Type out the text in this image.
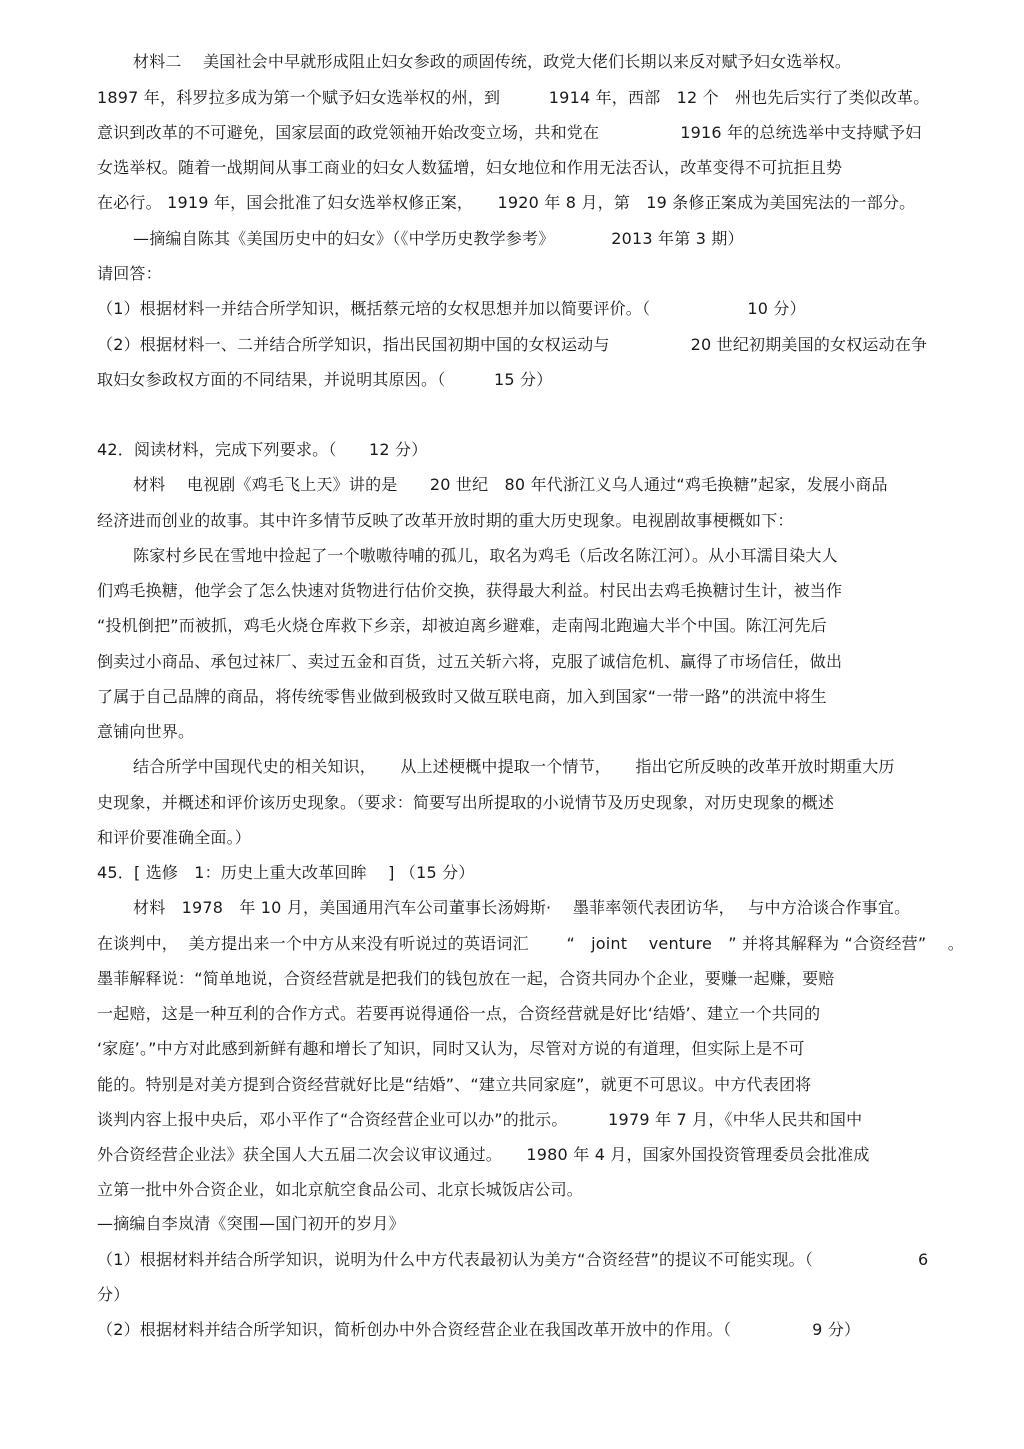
材料二　 美国社会中早就形成阻止妇女参政的顽固传统，政党大佬们长期以来反对赋予妇女选举权。
1897 年，科罗拉多成为第一个赋予妇女选举权的州，到　　　1914 年，西部　12 个　州也先后实行了类似改革。
意识到改革的不可避免，国家层面的政党领袖开始改变立场，共和党在　　　　　1916 年的总统选举中支持赋予妇
女选举权。随着一战期间从事工商业的妇女人数猛增，妇女地位和作用无法否认，改革变得不可抗拒且势
在必行。 1919 年，国会批准了妇女选举权修正案，　　1920 年 8 月，第　19 条修正案成为美国宪法的一部分。
—摘编自陈其《美国历史中的妇女》（《中学历史教学参考》　　　　2013 年第 3 期）
请回答：
（1）根据材料一并结合所学知识，概括蔡元培的女权思想并加以简要评价。（　　　　　　10 分）
（2）根据材料一、二并结合所学知识，指出民国初期中国的女权运动与　　　　　20 世纪初期美国的女权运动在争
取妇女参政权方面的不同结果，并说明其原因。（　　　15 分）
42．阅读材料，完成下列要求。（　　12 分）
材料　 电视剧《鸡毛飞上天》讲的是　　20 世纪　80 年代浙江义乌人通过“鸡毛换糖”起家，发展小商品
经济进而创业的故事。其中许多情节反映了改革开放时期的重大历史现象。电视剧故事梗概如下：
陈家村乡民在雪地中捡起了一个嗷嗷待哺的孤儿，取名为鸡毛（后改名陈江河）。从小耳濡目染大人
们鸡毛换糖，他学会了怎么快速对货物进行估价交换，获得最大利益。村民出去鸡毛换糖讨生计，被当作
“投机倒把”而被抓，鸡毛火烧仓库救下乡亲，却被迫离乡避难，走南闯北跑遍大半个中国。陈江河先后
倒卖过小商品、承包过袜厂、卖过五金和百货，过五关斩六将，克服了诚信危机、赢得了市场信任，做出
了属于自己品牌的商品，将传统零售业做到极致时又做互联电商，加入到国家“一带一路”的洪流中将生
意铺向世界。
结合所学中国现代史的相关知识，　　从上述梗概中提取一个情节，　　指出它所反映的改革开放时期重大历
史现象，并概述和评价该历史现象。（要求：简要写出所提取的小说情节及历史现象，对历史现象的概述
和评价要准确全面。）
45．[ 选修　1：历史上重大改革回眸　 ] （15 分）
材料　1978　年 10 月，美国通用汽车公司董事长汤姆斯·　 墨菲率领代表团访华，　 与中方洽谈合作事宜。
在谈判中，  美方提出来一个中方从来没有听说过的英语词汇　　 “　joint　 venture　” 并将其解释为 “合资经营”　 。
墨菲解释说：“简单地说，合资经营就是把我们的钱包放在一起，合资共同办个企业，要赚一起赚，要赔
一起赔，这是一种互利的合作方式。若要再说得通俗一点，合资经营就是好比‘结婚’、建立一个共同的
‘家庭’。”中方对此感到新鲜有趣和增长了知识，同时又认为，尽管对方说的有道理，但实际上是不可
能的。特别是对美方提到合资经营就好比是“结婚”、“建立共同家庭”，就更不可思议。中方代表团将
谈判内容上报中央后，邓小平作了“合资经营企业可以办”的批示。　　　1979 年 7 月，《中华人民共和国中
外合资经营企业法》获全国人大五届二次会议审议通过。　　1980 年 4 月，国家外国投资管理委员会批准成
立第一批中外合资企业，如北京航空食品公司、北京长城饭店公司。
—摘编自李岚清《突围—国门初开的岁月》
（1）根据材料并结合所学知识，说明为什么中方代表最初认为美方“合资经营”的提议不可能实现。（	6
分）
（2）根据材料并结合所学知识，简析创办中外合资经营企业在我国改革开放中的作用。（　　　　　9 分）
